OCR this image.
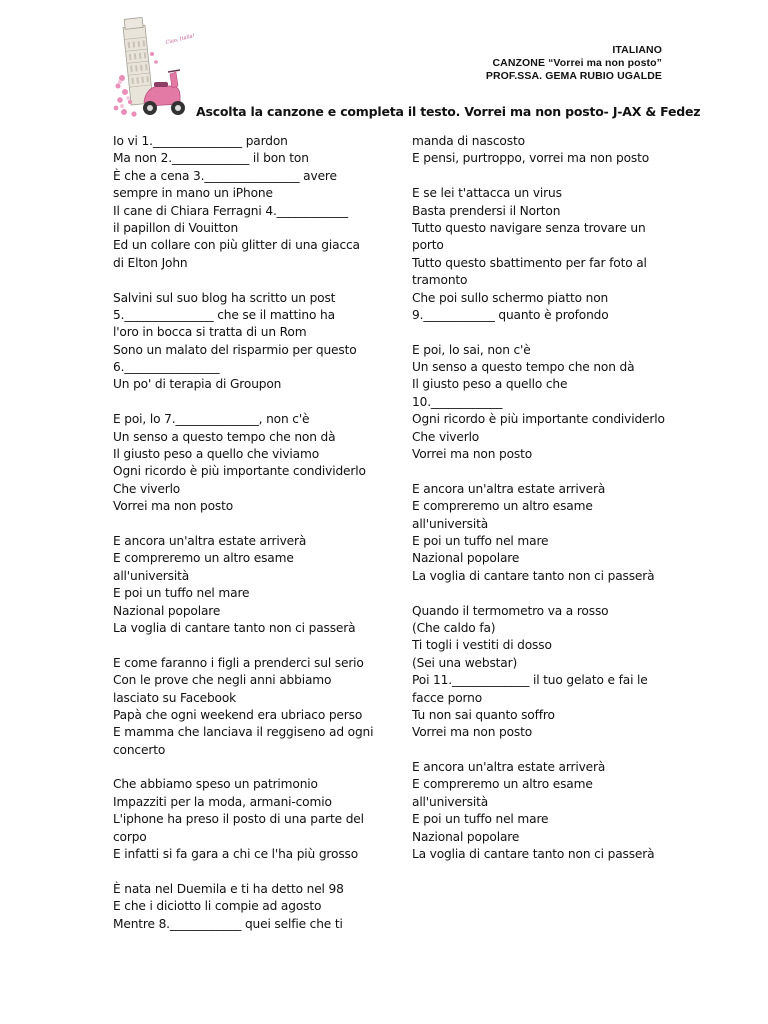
Ciao, Italia!
ITALIANO
CANZONE “Vorrei ma non posto”
PROF.SSA. GEMA RUBIO UGALDE
Ascolta la canzone e completa il testo. Vorrei ma non posto- J-AX & Fedez
Io vi 1._______________ pardon
Ma non 2._____________ il bon ton
È che a cena 3.________________ avere
sempre in mano un iPhone
Il cane di Chiara Ferragni 4.____________
il papillon di Vouitton
Ed un collare con più glitter di una giacca
di Elton John
Salvini sul suo blog ha scritto un post
5._______________ che se il mattino ha
l'oro in bocca si tratta di un Rom
Sono un malato del risparmio per questo
6.________________
Un po' di terapia di Groupon
E poi, lo 7.______________, non c'è
Un senso a questo tempo che non dà
Il giusto peso a quello che viviamo
Ogni ricordo è più importante condividerlo
Che viverlo
Vorrei ma non posto
E ancora un'altra estate arriverà
E compreremo un altro esame
all'università
E poi un tuffo nel mare
Nazional popolare
La voglia di cantare tanto non ci passerà
E come faranno i figli a prenderci sul serio
Con le prove che negli anni abbiamo
lasciato su Facebook
Papà che ogni weekend era ubriaco perso
E mamma che lanciava il reggiseno ad ogni
concerto
Che abbiamo speso un patrimonio
Impazziti per la moda, armani-comio
L'iphone ha preso il posto di una parte del
corpo
E infatti si fa gara a chi ce l'ha più grosso
È nata nel Duemila e ti ha detto nel 98
E che i diciotto li compie ad agosto
Mentre 8.____________ quei selfie che ti
manda di nascosto
E pensi, purtroppo, vorrei ma non posto
E se lei t'attacca un virus
Basta prendersi il Norton
Tutto questo navigare senza trovare un
porto
Tutto questo sbattimento per far foto al
tramonto
Che poi sullo schermo piatto non
9.____________ quanto è profondo
E poi, lo sai, non c'è
Un senso a questo tempo che non dà
Il giusto peso a quello che
10.____________
Ogni ricordo è più importante condividerlo
Che viverlo
Vorrei ma non posto
E ancora un'altra estate arriverà
E compreremo un altro esame
all'università
E poi un tuffo nel mare
Nazional popolare
La voglia di cantare tanto non ci passerà
Quando il termometro va a rosso
(Che caldo fa)
Ti togli i vestiti di dosso
(Sei una webstar)
Poi 11._____________ il tuo gelato e fai le
facce porno
Tu non sai quanto soffro
Vorrei ma non posto
E ancora un'altra estate arriverà
E compreremo un altro esame
all'università
E poi un tuffo nel mare
Nazional popolare
La voglia di cantare tanto non ci passerà
